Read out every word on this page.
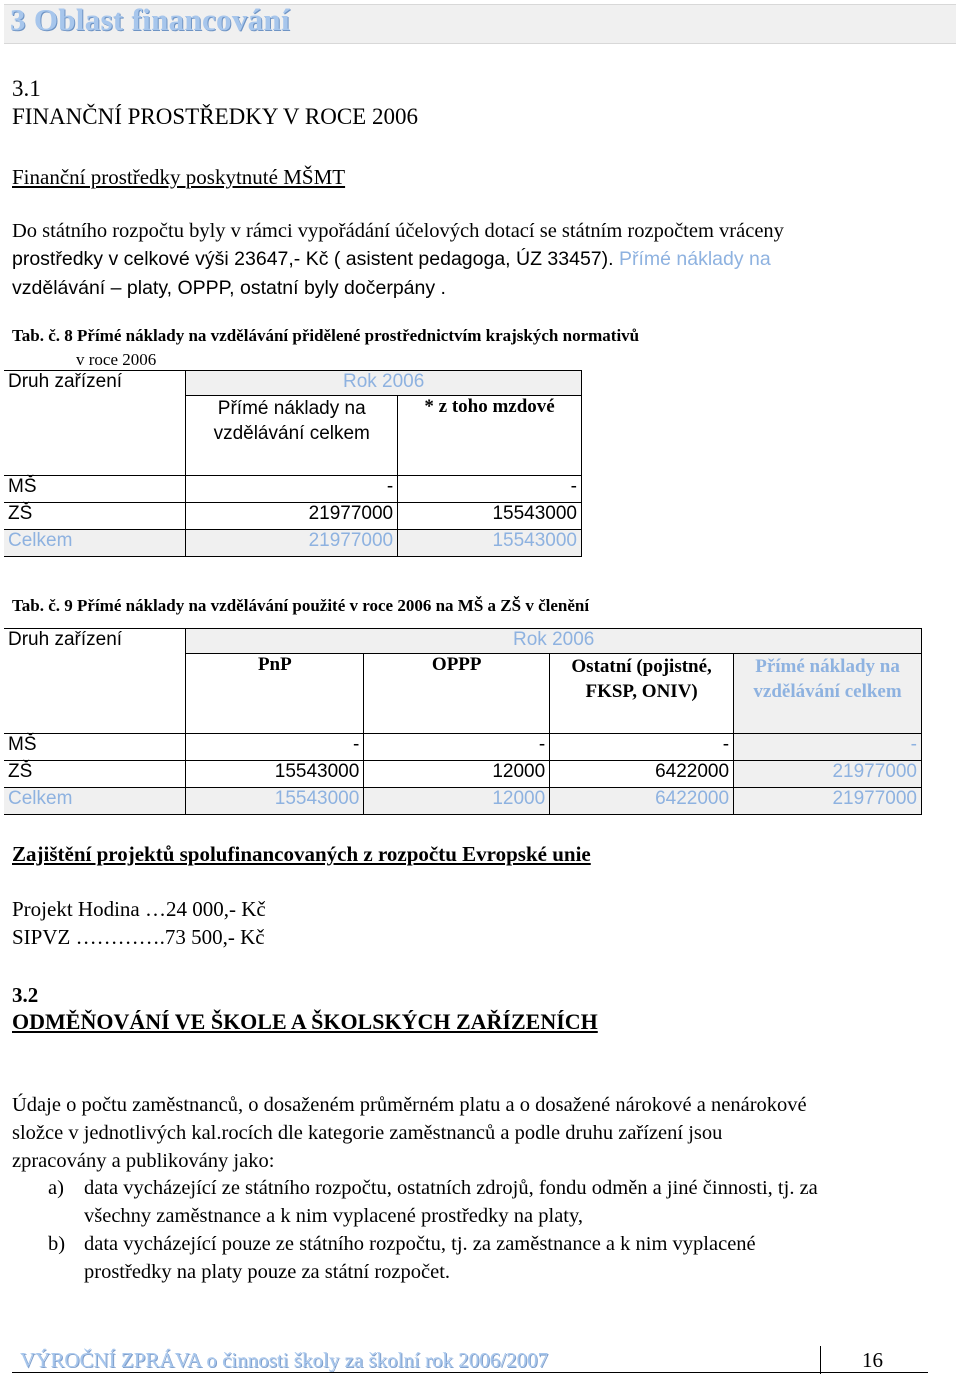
3 Oblast financování
3.1
FINANČNÍ PROSTŘEDKY V ROCE 2006
Finanční prostředky poskytnuté MŠMT
Do státního rozpočtu byly v rámci vypořádání účelových dotací se státním rozpočtem vráceny
prostředky v celkové výši 23647,- Kč ( asistent pedagoga, ÚZ 33457). Přímé náklady na
vzdělávání – platy, OPPP, ostatní byly dočerpány .
Tab. č. 8 Přímé náklady na vzdělávání přidělené prostřednictvím krajských normativů
v roce 2006
Druh zařízení	Rok 2006	
	Přímé náklady na vzdělávání celkem	* z toho mzdové
MŠ	-	-
ZŠ	21977000	15543000
Celkem	21977000	15543000
Tab. č. 9 Přímé náklady na vzdělávání použité v roce 2006 na MŠ a ZŠ v členění
Druh zařízení	Rok 2006			
	PnP	OPPP	Ostatní (pojistné, FKSP, ONIV)	Přímé náklady na vzdělávání celkem
MŠ	-	-	-	-
ZŠ	15543000	12000	6422000	21977000
Celkem	15543000	12000	6422000	21977000
Zajištění projektů spolufinancovaných z rozpočtu Evropské unie
Projekt Hodina …24 000,- Kč
SIPVZ ………….73 500,- Kč
3.2
ODMĚŇOVÁNÍ VE ŠKOLE A ŠKOLSKÝCH ZAŘÍZENÍCH
Údaje o počtu zaměstnanců, o dosaženém průměrném platu a o dosažené nárokové a nenárokové
složce v jednotlivých kal.rocích dle kategorie zaměstnanců a podle druhu zařízení jsou
zpracovány a publikovány jako:
a) data vycházející ze státního rozpočtu, ostatních zdrojů, fondu odměn a jiné činnosti, tj. za
všechny zaměstnance a k nim vyplacené prostředky na platy,
b) data vycházející pouze ze státního rozpočtu, tj. za zaměstnance a k nim vyplacené
prostředky na platy pouze za státní rozpočet.
VÝROČNÍ ZPRÁVA o činnosti školy za školní rok 2006/2007	16
